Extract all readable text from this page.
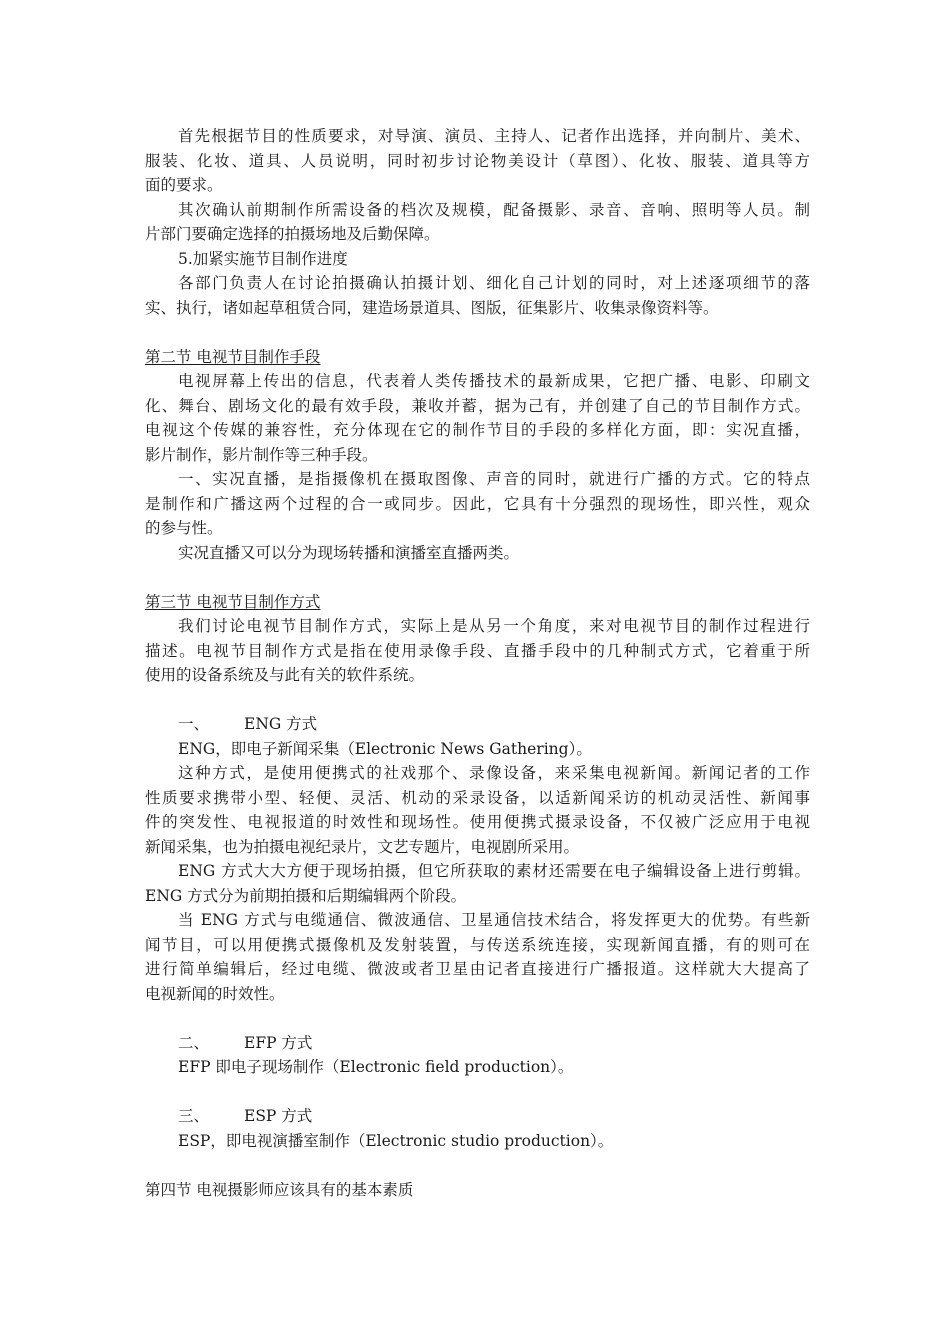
首先根据节目的性质要求，对导演、演员、主持人、记者作出选择，并向制片、美术、
服装、化妆、道具、人员说明，同时初步讨论物美设计（草图）、化妆、服装、道具等方
面的要求。
其次确认前期制作所需设备的档次及规模，配备摄影、录音、音响、照明等人员。制
片部门要确定选择的拍摄场地及后勤保障。
5.加紧实施节目制作进度
各部门负责人在讨论拍摄确认拍摄计划、细化自己计划的同时，对上述逐项细节的落
实、执行，诸如起草租赁合同，建造场景道具、图版，征集影片、收集录像资料等。
第二节 电视节目制作手段
电视屏幕上传出的信息，代表着人类传播技术的最新成果，它把广播、电影、印刷文
化、舞台、剧场文化的最有效手段，兼收并蓄，据为己有，并创建了自己的节目制作方式。
电视这个传媒的兼容性，充分体现在它的制作节目的手段的多样化方面，即：实况直播，
影片制作，影片制作等三种手段。
一、实况直播，是指摄像机在摄取图像、声音的同时，就进行广播的方式。它的特点
是制作和广播这两个过程的合一或同步。因此，它具有十分强烈的现场性，即兴性，观众
的参与性。
实况直播又可以分为现场转播和演播室直播两类。
第三节 电视节目制作方式
我们讨论电视节目制作方式，实际上是从另一个角度，来对电视节目的制作过程进行
描述。电视节目制作方式是指在使用录像手段、直播手段中的几种制式方式，它着重于所
使用的设备系统及与此有关的软件系统。
一、 ENG 方式
ENG，即电子新闻采集（Electronic News Gathering）。
这种方式，是使用便携式的社戏那个、录像设备，来采集电视新闻。新闻记者的工作
性质要求携带小型、轻便、灵活、机动的采录设备，以适新闻采访的机动灵活性、新闻事
件的突发性、电视报道的时效性和现场性。使用便携式摄录设备，不仅被广泛应用于电视
新闻采集，也为拍摄电视纪录片，文艺专题片，电视剧所采用。
ENG 方式大大方便于现场拍摄，但它所获取的素材还需要在电子编辑设备上进行剪辑。
ENG 方式分为前期拍摄和后期编辑两个阶段。
当 ENG 方式与电缆通信、微波通信、卫星通信技术结合，将发挥更大的优势。有些新
闻节目，可以用便携式摄像机及发射装置，与传送系统连接，实现新闻直播，有的则可在
进行简单编辑后，经过电缆、微波或者卫星由记者直接进行广播报道。这样就大大提高了
电视新闻的时效性。
二、 EFP 方式
EFP 即电子现场制作（Electronic field production）。
三、 ESP 方式
ESP，即电视演播室制作（Electronic studio production）。
第四节 电视摄影师应该具有的基本素质
